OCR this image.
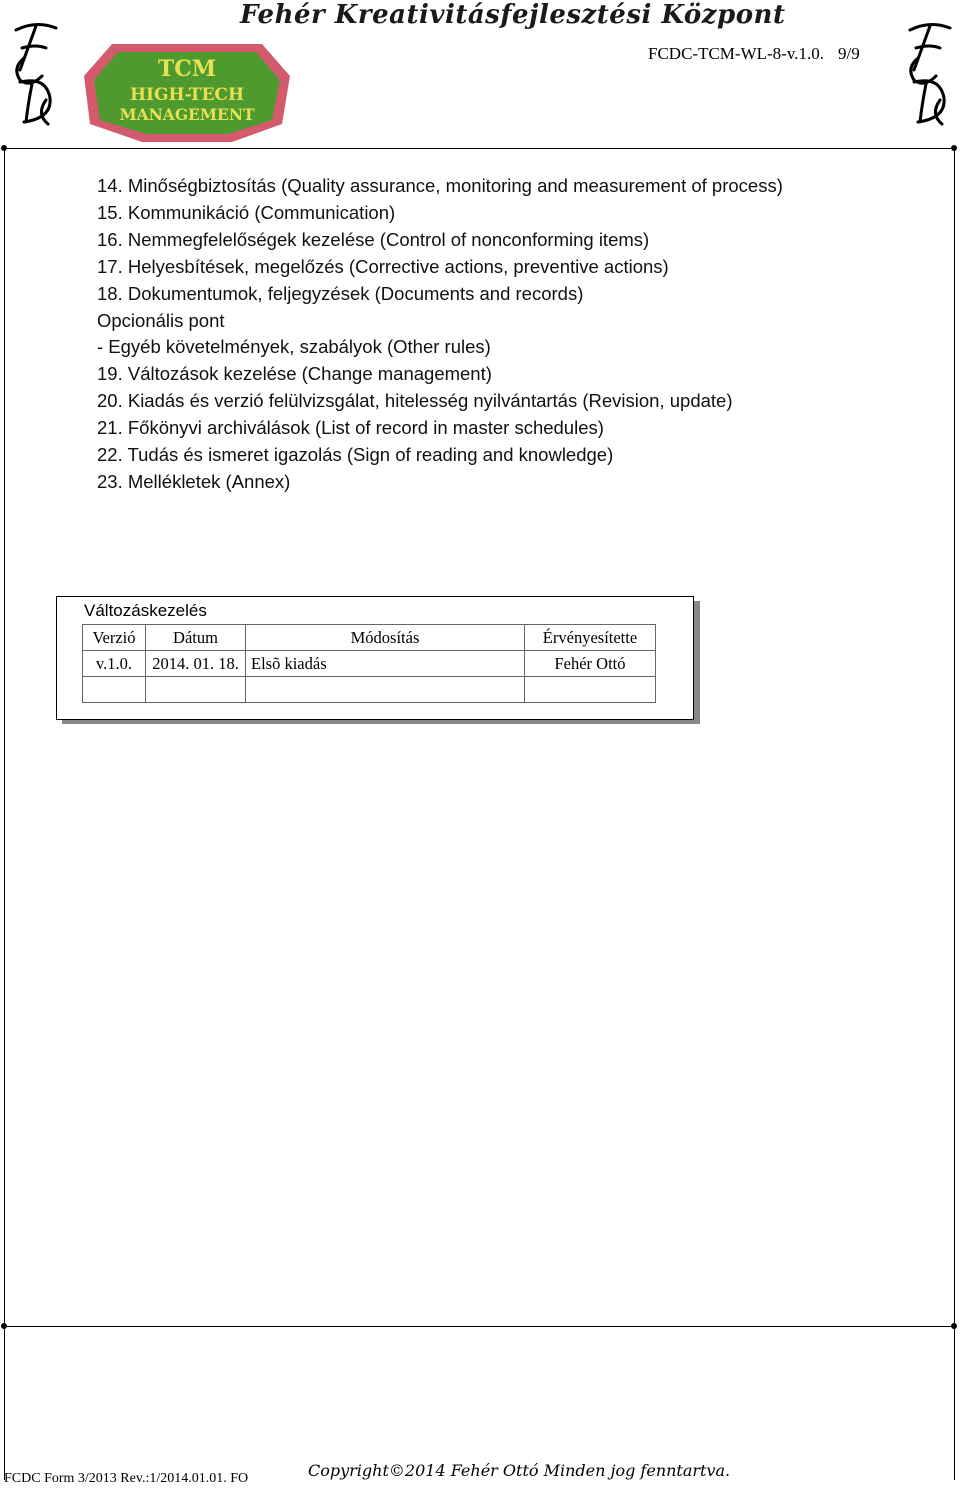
Fehér Kreativitásfejlesztési Központ
FCDC-TCM-WL-8-v.1.0. 9/9
TCM
HIGH-TECH
MANAGEMENT
14. Minőségbiztosítás (Quality assurance, monitoring and measurement of process)
15. Kommunikáció (Communication)
16. Nemmegfelelőségek kezelése (Control of nonconforming items)
17. Helyesbítések, megelőzés (Corrective actions, preventive actions)
18. Dokumentumok, feljegyzések (Documents and records)
Opcionális pont
- Egyéb követelmények, szabályok (Other rules)
19. Változások kezelése (Change management)
20. Kiadás és verzió felülvizsgálat, hitelesség nyilvántartás (Revision, update)
21. Főkönyvi archiválások (List of record in master schedules)
22. Tudás és ismeret igazolás (Sign of reading and knowledge)
23. Mellékletek (Annex)
Változáskezelés
Verzió	Dátum	Módosítás	Érvényesítette
v.1.0.	2014. 01. 18.	Elsõ kiadás	Fehér Ottó

FCDC Form 3/2013 Rev.:1/2014.01.01. FO	Copyright©2014 Fehér Ottó Minden jog fenntartva.
